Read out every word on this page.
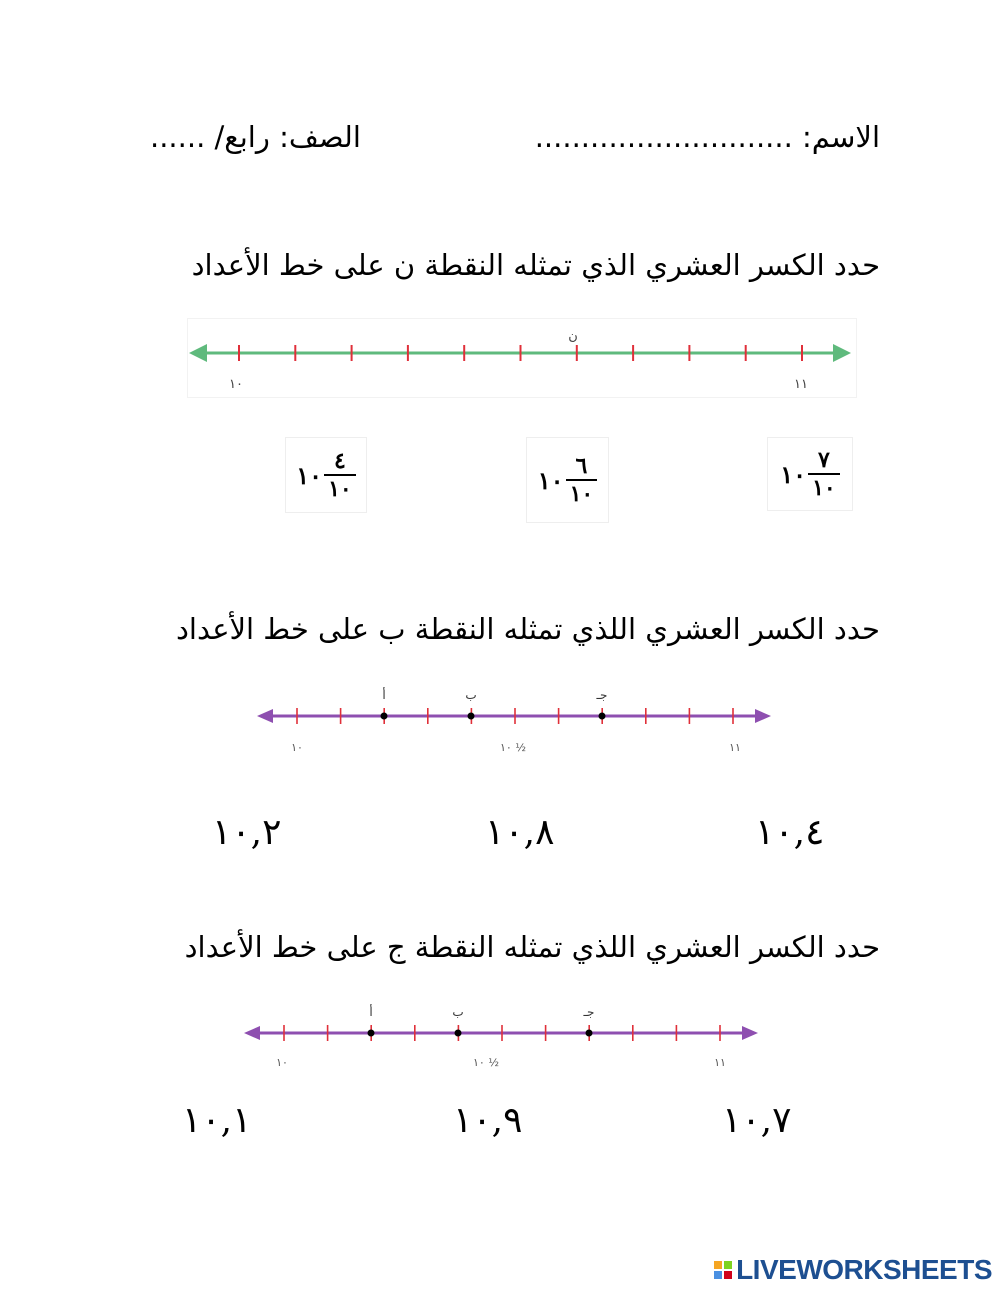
الاسم: ............................
الصف: رابع/ ......
حدد الكسر العشري الذي تمثله النقطة ن على خط الأعداد
ن
١٠	١١
١٠ $\frac{٤}{١٠}$	١٠ $\frac{٦}{١٠}$	١٠ $\frac{٧}{١٠}$
حدد الكسر العشري اللذي تمثله النقطة ب على خط الأعداد
أ	ب	جـ
١٠	١٠ ½	١١
١٠,٢	١٠,٨	١٠,٤
حدد الكسر العشري اللذي تمثله النقطة ج على خط الأعداد
أ	ب	جـ
١٠	١٠ ½	١١
١٠,١	١٠,٩	١٠,٧
LIVEWORKSHEETS
